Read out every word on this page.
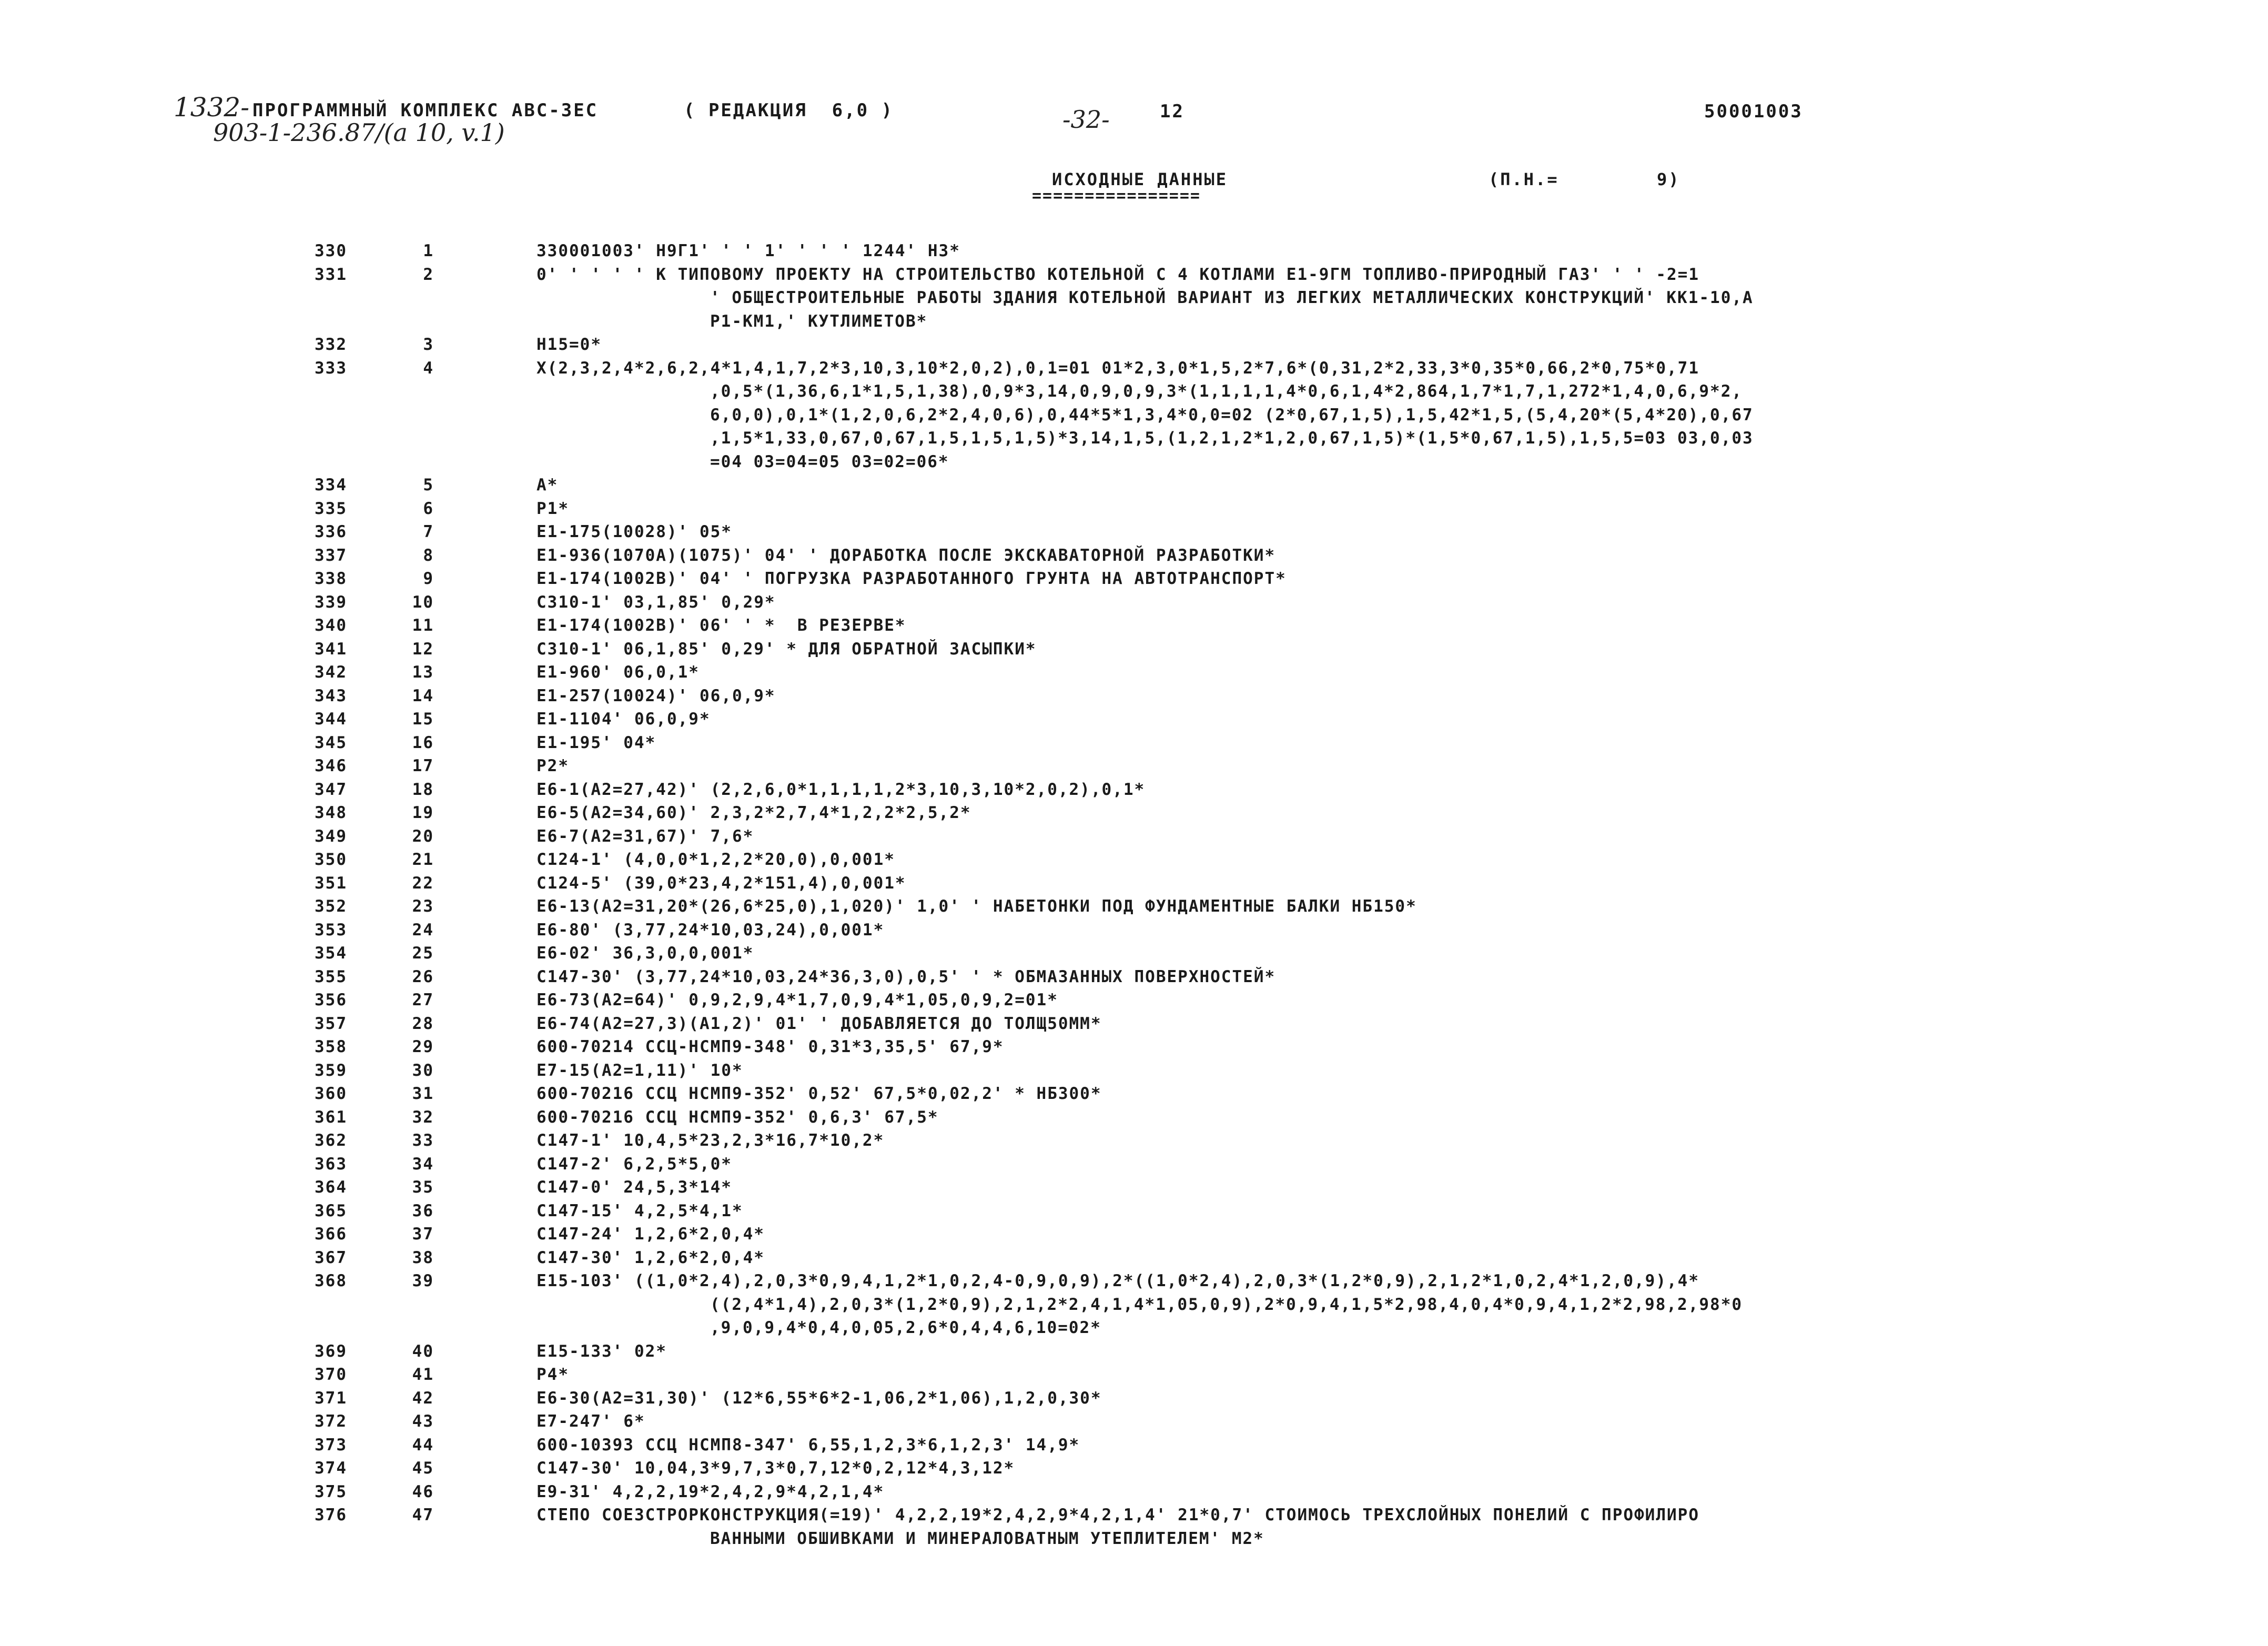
1332- ПРОГРАММНЫЙ КОМПЛЕКС АВС-3ЕС	( РЕДАКЦИЯ  6,0 )
903-1-236.87/(a 10, v.1)	-32-	12	50001003
ИСХОДНЫЕ ДАННЫЕ	(П.Н.=	9)
================
330	1	330001003' Н9Г1' ' ' 1' ' ' ' 1244' Н3*
331	2	0' ' ' ' ' К ТИПОВОМУ ПРОЕКТУ НА СТРОИТЕЛЬСТВО КОТЕЛЬНОЙ С 4 КОТЛАМИ Е1-9ГМ ТОПЛИВО-ПРИРОДНЫЙ ГАЗ' ' ' -2=1
' ОБЩЕСТРОИТЕЛЬНЫЕ РАБОТЫ ЗДАНИЯ КОТЕЛЬНОЙ ВАРИАНТ ИЗ ЛЕГКИХ МЕТАЛЛИЧЕСКИХ КОНСТРУКЦИЙ' КК1-10,А
Р1-КМ1,' КУТЛИМЕТОВ*
332	3	Н15=0*
333	4	Х(2,3,2,4*2,6,2,4*1,4,1,7,2*3,10,3,10*2,0,2),0,1=01 01*2,3,0*1,5,2*7,6*(0,31,2*2,33,3*0,35*0,66,2*0,75*0,71
,0,5*(1,36,6,1*1,5,1,38),0,9*3,14,0,9,0,9,3*(1,1,1,1,4*0,6,1,4*2,864,1,7*1,7,1,272*1,4,0,6,9*2,
6,0,0),0,1*(1,2,0,6,2*2,4,0,6),0,44*5*1,3,4*0,0=02 (2*0,67,1,5),1,5,42*1,5,(5,4,20*(5,4*20),0,67
,1,5*1,33,0,67,0,67,1,5,1,5,1,5)*3,14,1,5,(1,2,1,2*1,2,0,67,1,5)*(1,5*0,67,1,5),1,5,5=03 03,0,03
=04 03=04=05 03=02=06*
334	5	А*
335	6	Р1*
336	7	Е1-175(10028)' 05*
337	8	Е1-936(1070А)(1075)' 04' ' ДОРАБОТКА ПОСЛЕ ЭКСКАВАТОРНОЙ РАЗРАБОТКИ*
338	9	Е1-174(1002В)' 04' ' ПОГРУЗКА РАЗРАБОТАННОГО ГРУНТА НА АВТОТРАНСПОРТ*
339	10	С310-1' 03,1,85' 0,29*
340	11	Е1-174(1002В)' 06' ' *  В РЕЗЕРВЕ*
341	12	С310-1' 06,1,85' 0,29' * ДЛЯ ОБРАТНОЙ ЗАСЫПКИ*
342	13	Е1-960' 06,0,1*
343	14	Е1-257(10024)' 06,0,9*
344	15	Е1-1104' 06,0,9*
345	16	Е1-195' 04*
346	17	Р2*
347	18	Е6-1(А2=27,42)' (2,2,6,0*1,1,1,1,2*3,10,3,10*2,0,2),0,1*
348	19	Е6-5(А2=34,60)' 2,3,2*2,7,4*1,2,2*2,5,2*
349	20	Е6-7(А2=31,67)' 7,6*
350	21	С124-1' (4,0,0*1,2,2*20,0),0,001*
351	22	С124-5' (39,0*23,4,2*151,4),0,001*
352	23	Е6-13(А2=31,20*(26,6*25,0),1,020)' 1,0' ' НАБЕТОНКИ ПОД ФУНДАМЕНТНЫЕ БАЛКИ НБ150*
353	24	Е6-80' (3,77,24*10,03,24),0,001*
354	25	Е6-02' 36,3,0,0,001*
355	26	С147-30' (3,77,24*10,03,24*36,3,0),0,5' ' * ОБМАЗАННЫХ ПОВЕРХНОСТЕЙ*
356	27	Е6-73(А2=64)' 0,9,2,9,4*1,7,0,9,4*1,05,0,9,2=01*
357	28	Е6-74(А2=27,3)(А1,2)' 01' ' ДОБАВЛЯЕТСЯ ДО ТОЛЩ50ММ*
358	29	600-70214 ССЦ-НСМП9-348' 0,31*3,35,5' 67,9*
359	30	Е7-15(А2=1,11)' 10*
360	31	600-70216 ССЦ НСМП9-352' 0,52' 67,5*0,02,2' * НБ300*
361	32	600-70216 ССЦ НСМП9-352' 0,6,3' 67,5*
362	33	С147-1' 10,4,5*23,2,3*16,7*10,2*
363	34	С147-2' 6,2,5*5,0*
364	35	С147-0' 24,5,3*14*
365	36	С147-15' 4,2,5*4,1*
366	37	С147-24' 1,2,6*2,0,4*
367	38	С147-30' 1,2,6*2,0,4*
368	39	Е15-103' ((1,0*2,4),2,0,3*0,9,4,1,2*1,0,2,4-0,9,0,9),2*((1,0*2,4),2,0,3*(1,2*0,9),2,1,2*1,0,2,4*1,2,0,9),4*
((2,4*1,4),2,0,3*(1,2*0,9),2,1,2*2,4,1,4*1,05,0,9),2*0,9,4,1,5*2,98,4,0,4*0,9,4,1,2*2,98,2,98*0
,9,0,9,4*0,4,0,05,2,6*0,4,4,6,10=02*
369	40	Е15-133' 02*
370	41	Р4*
371	42	Е6-30(А2=31,30)' (12*6,55*6*2-1,06,2*1,06),1,2,0,30*
372	43	Е7-247' 6*
373	44	600-10393 ССЦ НСМП8-347' 6,55,1,2,3*6,1,2,3' 14,9*
374	45	С147-30' 10,04,3*9,7,3*0,7,12*0,2,12*4,3,12*
375	46	Е9-31' 4,2,2,19*2,4,2,9*4,2,1,4*
376	47	СТЕПО СОЕЗСТРОРКОНСТРУКЦИЯ(=19)' 4,2,2,19*2,4,2,9*4,2,1,4' 21*0,7' СТОИМОСЬ ТРЕХСЛОЙНЫХ ПОНЕЛИЙ С ПРОФИЛИРО
ВАННЫМИ ОБШИВКАМИ И МИНЕРАЛОВАТНЫМ УТЕПЛИТЕЛЕМ' М2*
